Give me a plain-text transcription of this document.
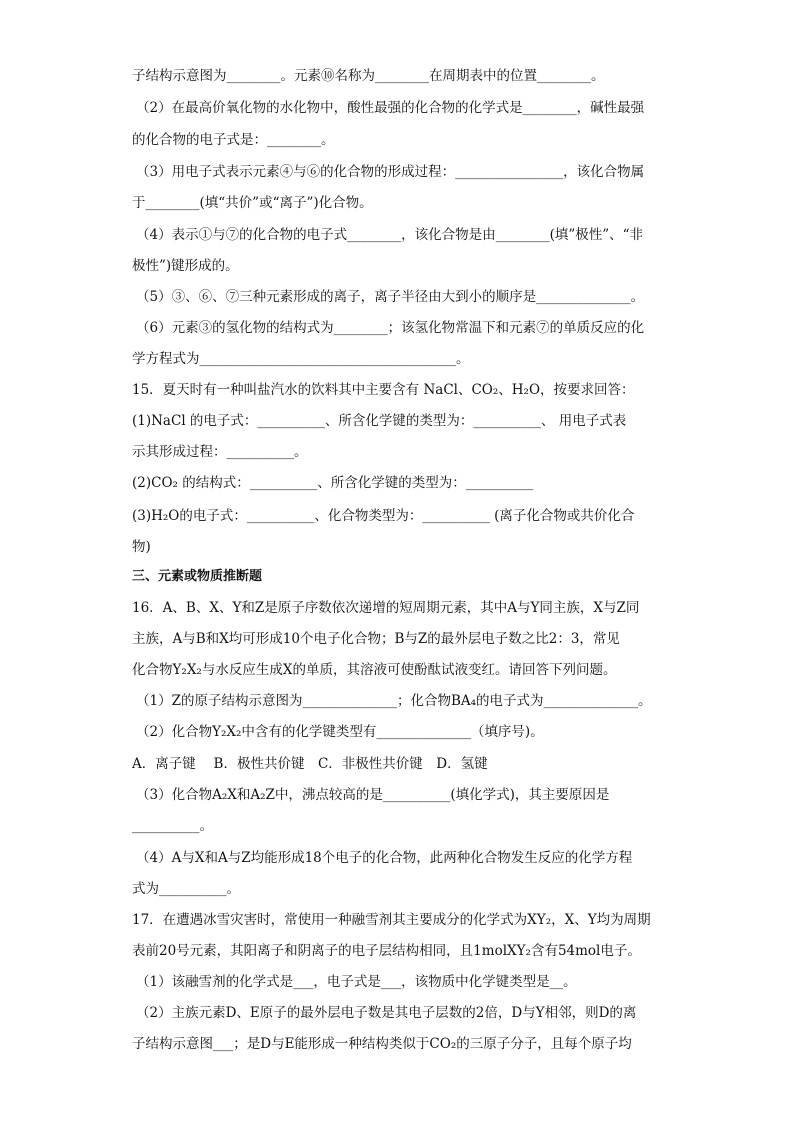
子结构示意图为________。元素⑩名称为________在周期表中的位置________。
（2）在最高价氧化物的水化物中，酸性最强的化合物的化学式是________，碱性最强
的化合物的电子式是：________。
（3）用电子式表示元素④与⑥的化合物的形成过程：________________，该化合物属
于________(填“共价”或“离子”)化合物。
（4）表示①与⑦的化合物的电子式________，该化合物是由________(填”极性”、“非
极性”)键形成的。
（5）③、⑥、⑦三种元素形成的离子，离子半径由大到小的顺序是______________。
（6）元素③的氢化物的结构式为________；该氢化物常温下和元素⑦的单质反应的化
学方程式为______________________________________。
15．夏天时有一种叫盐汽水的饮料其中主要含有 NaCl、CO₂、H₂O，按要求回答：
(1)NaCl 的电子式：__________、所含化学键的类型为：__________、 用电子式表
示其形成过程：__________。
(2)CO₂ 的结构式：__________、所含化学键的类型为：__________
(3)H₂O的电子式：__________、化合物类型为：__________ (离子化合物或共价化合
物)
三、元素或物质推断题
16．A、B、X、Y和Z是原子序数依次递增的短周期元素，其中A与Y同主族，X与Z同
主族，A与B和X均可形成10个电子化合物；B与Z的最外层电子数之比2：3，常见
化合物Y₂X₂与水反应生成X的单质，其溶液可使酚酞试液变红。请回答下列问题。
（1）Z的原子结构示意图为______________；化合物BA₄的电子式为______________。
（2）化合物Y₂X₂中含有的化学键类型有______________（填序号)。
A．离子键　 B．极性共价键　C．非极性共价键　D．氢键
（3）化合物A₂X和A₂Z中，沸点较高的是__________(填化学式)，其主要原因是
__________。
（4）A与X和A与Z均能形成18个电子的化合物，此两种化合物发生反应的化学方程
式为__________。
17．在遭遇冰雪灾害时，常使用一种融雪剂其主要成分的化学式为XY₂，X、Y均为周期
表前20号元素，其阳离子和阴离子的电子层结构相同，且1molXY₂含有54mol电子。
（1）该融雪剂的化学式是___，电子式是___，该物质中化学键类型是__。
（2）主族元素D、E原子的最外层电子数是其电子层数的2倍，D与Y相邻，则D的离
子结构示意图___；是D与E能形成一种结构类似于CO₂的三原子分子，且每个原子均
